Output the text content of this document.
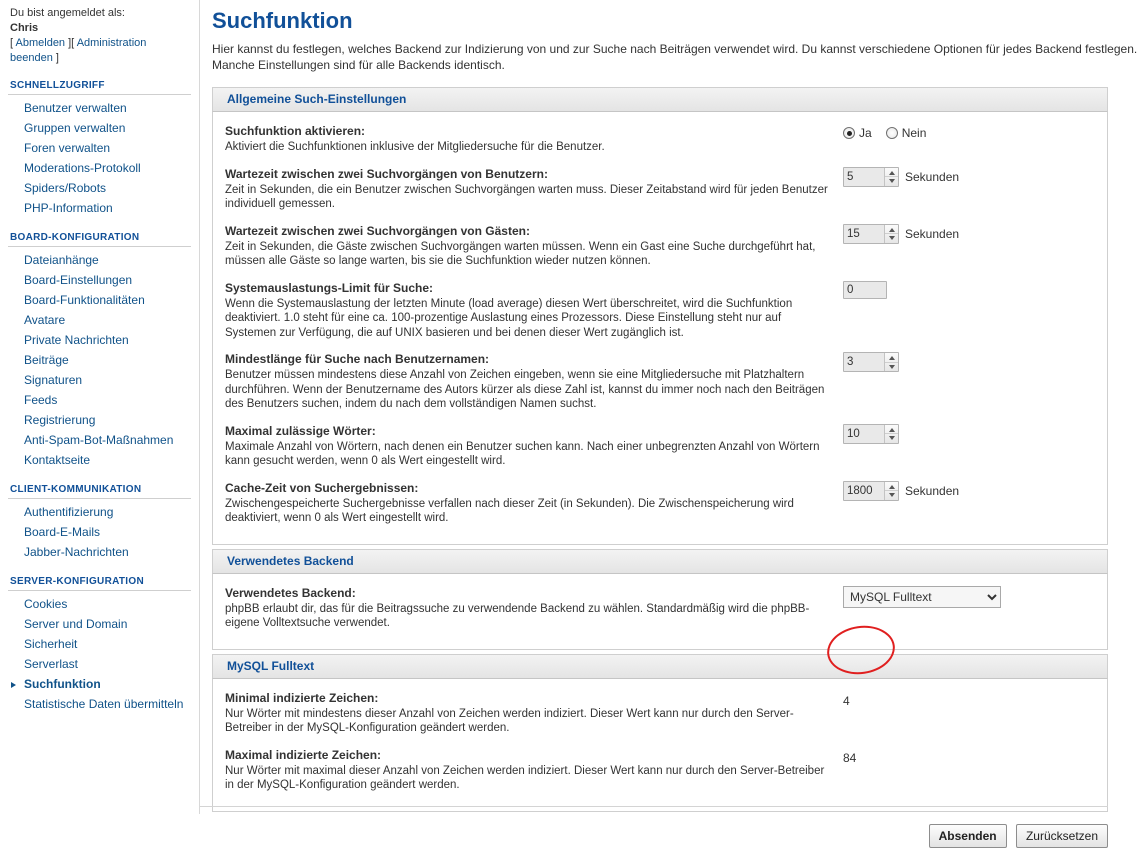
Du bist angemeldet als:
Chris
[ Abmelden ][ Administration beenden ]
SCHNELLZUGRIFF
Benutzer verwalten
Gruppen verwalten
Foren verwalten
Moderations-Protokoll
Spiders/Robots
PHP-Information
BOARD-KONFIGURATION
Dateianhänge
Board-Einstellungen
Board-Funktionalitäten
Avatare
Private Nachrichten
Beiträge
Signaturen
Feeds
Registrierung
Anti-Spam-Bot-Maßnahmen
Kontaktseite
CLIENT-KOMMUNIKATION
Authentifizierung
Board-E-Mails
Jabber-Nachrichten
SERVER-KONFIGURATION
Cookies
Server und Domain
Sicherheit
Serverlast
Suchfunktion
Statistische Daten übermitteln
Suchfunktion

Hier kannst du festlegen, welches Backend zur Indizierung von und zur Suche nach Beiträgen verwendet wird. Du kannst verschiedene Optionen für jedes Backend festlegen. Manche Einstellungen sind für alle Backends identisch.

Allgemeine Such-Einstellungen
Suchfunktion aktivieren:
Aktiviert die Suchfunktionen inklusive der Mitgliedersuche für die Benutzer.
Ja	Nein
Wartezeit zwischen zwei Suchvorgängen von Benutzern:
Zeit in Sekunden, die ein Benutzer zwischen Suchvorgängen warten muss. Dieser Zeitabstand wird für jeden Benutzer individuell gemessen.
5
Sekunden
Wartezeit zwischen zwei Suchvorgängen von Gästen:
Zeit in Sekunden, die Gäste zwischen Suchvorgängen warten müssen. Wenn ein Gast eine Suche durchgeführt hat, müssen alle Gäste so lange warten, bis sie die Suchfunktion wieder nutzen können.
15
Sekunden
Systemauslastungs-Limit für Suche:
Wenn die Systemauslastung der letzten Minute (load average) diesen Wert überschreitet, wird die Suchfunktion deaktiviert. 1.0 steht für eine ca. 100-prozentige Auslastung eines Prozessors. Diese Einstellung steht nur auf Systemen zur Verfügung, die auf UNIX basieren und bei denen dieser Wert zugänglich ist.
0
Mindestlänge für Suche nach Benutzernamen:
Benutzer müssen mindestens diese Anzahl von Zeichen eingeben, wenn sie eine Mitgliedersuche mit Platzhaltern durchführen. Wenn der Benutzername des Autors kürzer als diese Zahl ist, kannst du immer noch nach den Beiträgen des Benutzers suchen, indem du nach dem vollständigen Namen suchst.
3
Maximal zulässige Wörter:
Maximale Anzahl von Wörtern, nach denen ein Benutzer suchen kann. Nach einer unbegrenzten Anzahl von Wörtern kann gesucht werden, wenn 0 als Wert eingestellt wird.
10
Cache-Zeit von Suchergebnissen:
Zwischengespeicherte Suchergebnisse verfallen nach dieser Zeit (in Sekunden). Die Zwischenspeicherung wird deaktiviert, wenn 0 als Wert eingestellt wird.
1800
Sekunden
Verwendetes Backend
Verwendetes Backend:
phpBB erlaubt dir, das für die Beitragssuche zu verwendende Backend zu wählen. Standardmäßig wird die phpBB-eigene Volltextsuche verwendet.
MySQL Fulltext
MySQL Fulltext
Minimal indizierte Zeichen:
Nur Wörter mit mindestens dieser Anzahl von Zeichen werden indiziert. Dieser Wert kann nur durch den Server-Betreiber in der MySQL-Konfiguration geändert werden.
4
Maximal indizierte Zeichen:
Nur Wörter mit maximal dieser Anzahl von Zeichen werden indiziert. Dieser Wert kann nur durch den Server-Betreiber in der MySQL-Konfiguration geändert werden.
84
Absenden Zurücksetzen
